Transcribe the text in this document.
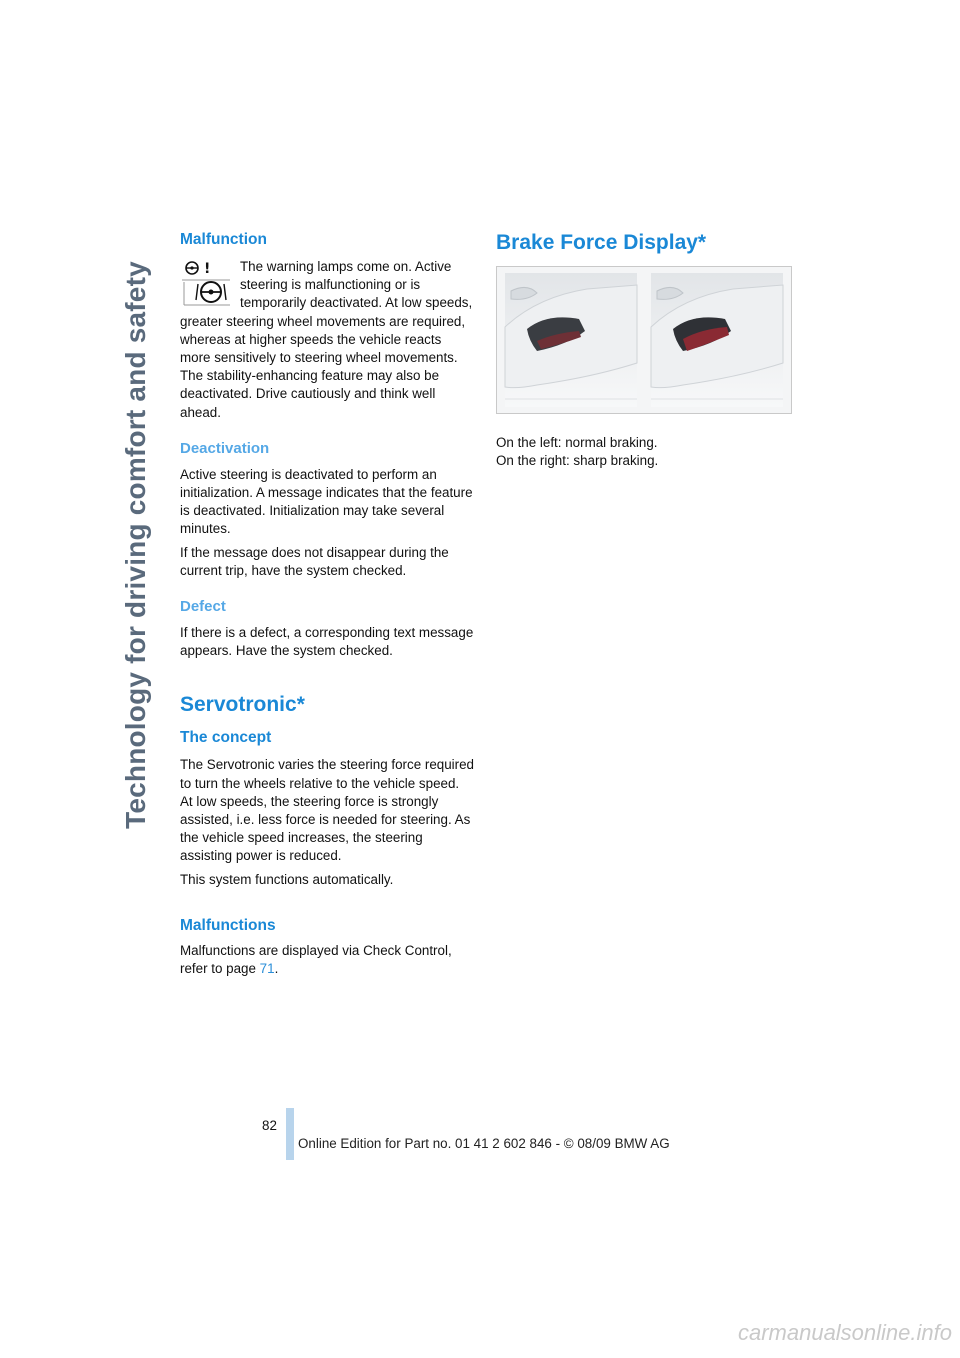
Technology for driving comfort and safety
Malfunction
!	The warning lamps come on. Active steering is malfunctioning or is temporarily deactivated. At low speeds, greater steering wheel movements are required, whereas at higher speeds the vehicle reacts more sensitively to steering wheel movements. The stability-enhancing feature may also be deactivated. Drive cautiously and think well ahead.

Deactivation

Active steering is deactivated to perform an initialization. A message indicates that the feature is deactivated. Initialization may take several minutes.

If the message does not disappear during the current trip, have the system checked.

Defect

If there is a defect, a corresponding text message appears. Have the system checked.

Servotronic*
The concept

The Servotronic varies the steering force required to turn the wheels relative to the vehicle speed.

At low speeds, the steering force is strongly assisted, i.e. less force is needed for steering. As the vehicle speed increases, the steering assisting power is reduced.

This system functions automatically.

Malfunctions

Malfunctions are displayed via Check Control, refer to page 71.

Brake Force Display*

On the left: normal braking.

On the right: sharp braking.

82
Online Edition for Part no. 01 41 2 602 846 - © 08/09 BMW AG
carmanualsonline.info
